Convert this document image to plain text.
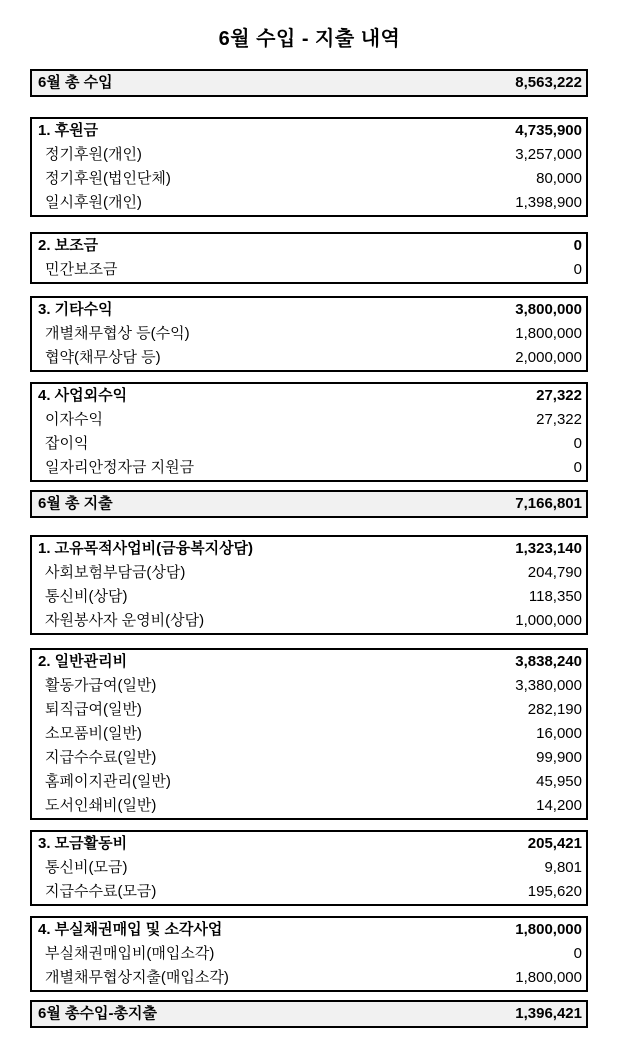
6월 수입 - 지출 내역
6월 총 수입	8,563,222
1. 후원금	4,735,900
정기후원(개인)	3,257,000
정기후원(법인단체)	80,000
일시후원(개인)	1,398,900
2. 보조금	0
민간보조금	0
3. 기타수익	3,800,000
개별채무협상 등(수익)	1,800,000
협약(채무상담 등)	2,000,000
4. 사업외수익	27,322
이자수익	27,322
잡이익	0
일자리안정자금 지원금	0
6월 총 지출	7,166,801
1. 고유목적사업비(금융복지상담)	1,323,140
사회보험부담금(상담)	204,790
통신비(상담)	118,350
자원봉사자 운영비(상담)	1,000,000
2. 일반관리비	3,838,240
활동가급여(일반)	3,380,000
퇴직급여(일반)	282,190
소모품비(일반)	16,000
지급수수료(일반)	99,900
홈페이지관리(일반)	45,950
도서인쇄비(일반)	14,200
3. 모금활동비	205,421
통신비(모금)	9,801
지급수수료(모금)	195,620
4. 부실채권매입 및 소각사업	1,800,000
부실채권매입비(매입소각)	0
개별채무협상지출(매입소각)	1,800,000
6월 총수입-총지출	1,396,421
